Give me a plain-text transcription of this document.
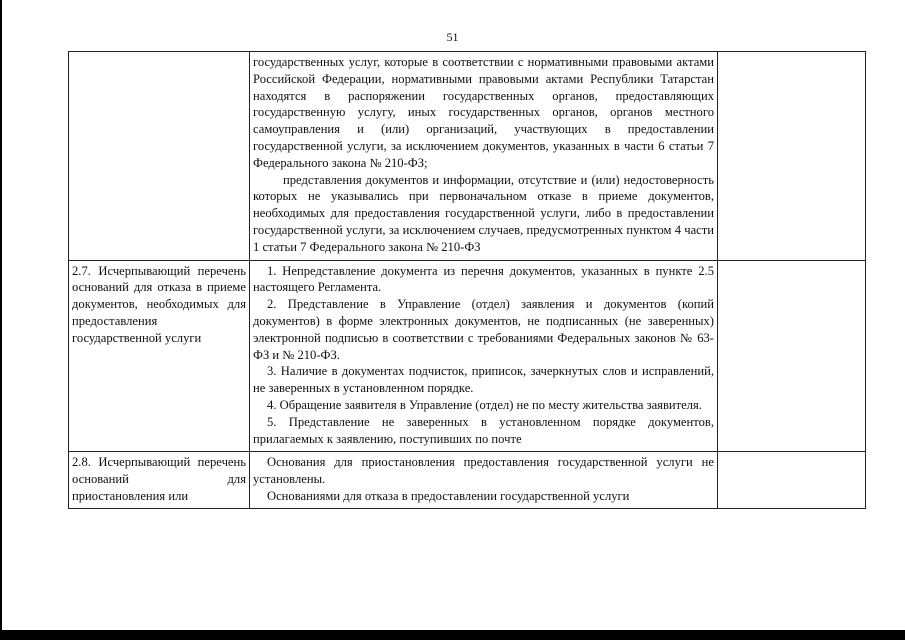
51

	государственных услуг, которые в соответствии с нормативными правовыми актами Российской Федерации, нормативными правовыми актами Республики Татарстан находятся в распоряжении государственных органов, предоставляющих государственную услугу, иных государственных органов, органов местного самоуправления и (или) организаций, участвующих в предоставлении государственной услуги, за исключением документов, указанных в части 6 статьи 7 Федерального закона № 210-ФЗ;
представления документов и информации, отсутствие и (или) недостоверность которых не указывались при первоначальном отказе в приеме документов, необходимых для предоставления государственной услуги, либо в предоставлении государственной услуги, за исключением случаев, предусмотренных пунктом 4 части 1 статьи 7 Федерального закона № 210-ФЗ	

2.7. Исчерпывающий перечень оснований для отказа в приеме документов, необходимых для предоставления государственной услуги	1. Непредставление документа из перечня документов, указанных в пункте 2.5 настоящего Регламента.
2. Представление в Управление (отдел) заявления и документов (копий документов) в форме электронных документов, не подписанных (не заверенных) электронной подписью в соответствии с требованиями Федеральных законов № 63-ФЗ и № 210-ФЗ.
3. Наличие в документах подчисток, приписок, зачеркнутых слов и исправлений, не заверенных в установленном порядке.
4. Обращение заявителя в Управление (отдел) не по месту жительства заявителя.
5. Представление не заверенных в установленном порядке документов, прилагаемых к заявлению, поступивших по почте	

2.8. Исчерпывающий перечень оснований для приостановления или	Основания для приостановления предоставления государственной услуги не установлены.
Основаниями для отказа в предоставлении государственной услуги	
